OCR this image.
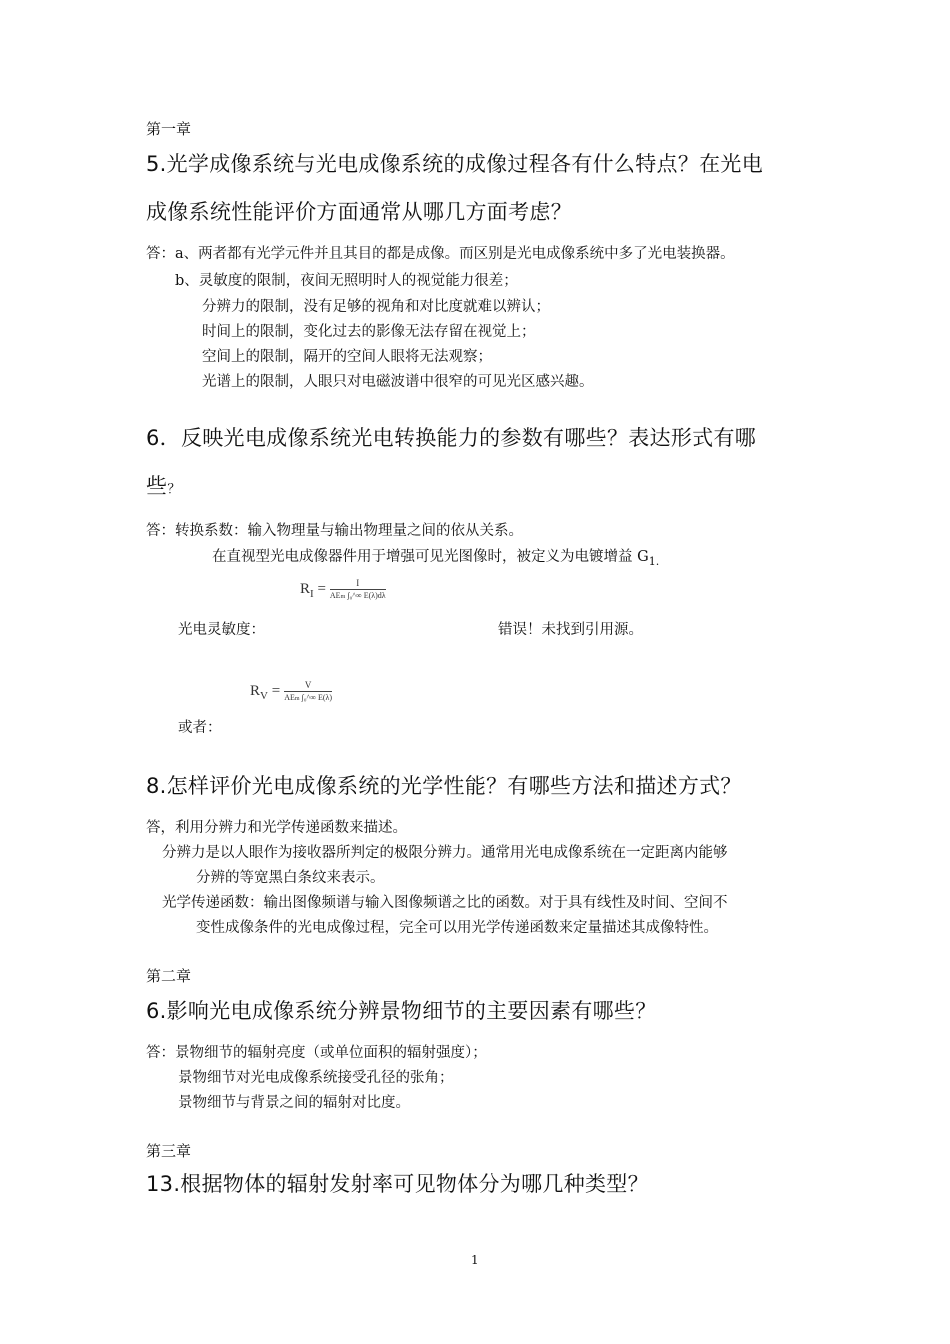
第一章
5.光学成像系统与光电成像系统的成像过程各有什么特点？在光电
成像系统性能评价方面通常从哪几方面考虑？
答：a、两者都有光学元件并且其目的都是成像。而区别是光电成像系统中多了光电装换器。
b、灵敏度的限制，夜间无照明时人的视觉能力很差；
分辨力的限制，没有足够的视角和对比度就难以辨认；
时间上的限制，变化过去的影像无法存留在视觉上；
空间上的限制，隔开的空间人眼将无法观察；
光谱上的限制，人眼只对电磁波谱中很窄的可见光区感兴趣。
6．反映光电成像系统光电转换能力的参数有哪些？表达形式有哪
些？
答：转换系数：输入物理量与输出物理量之间的依从关系。
在直视型光电成像器件用于增强可见光图像时，被定义为电镀增益 $G_{1.}$
$R_I = \frac{I}{\text{AEm ∫₀\textasciicircum{}∞ E(λ)dλ}}$
光电灵敏度：	错误！未找到引用源。
$R_V = \frac{V}{\text{AEm ∫₀\textasciicircum{}∞ E(λ)}}$
或者：
8.怎样评价光电成像系统的光学性能？有哪些方法和描述方式？
答，利用分辨力和光学传递函数来描述。
分辨力是以人眼作为接收器所判定的极限分辨力。通常用光电成像系统在一定距离内能够
分辨的等宽黑白条纹来表示。
光学传递函数：输出图像频谱与输入图像频谱之比的函数。对于具有线性及时间、空间不
变性成像条件的光电成像过程，完全可以用光学传递函数来定量描述其成像特性。
第二章
6.影响光电成像系统分辨景物细节的主要因素有哪些？
答：景物细节的辐射亮度（或单位面积的辐射强度）；
景物细节对光电成像系统接受孔径的张角；
景物细节与背景之间的辐射对比度。
第三章
13.根据物体的辐射发射率可见物体分为哪几种类型？
1
